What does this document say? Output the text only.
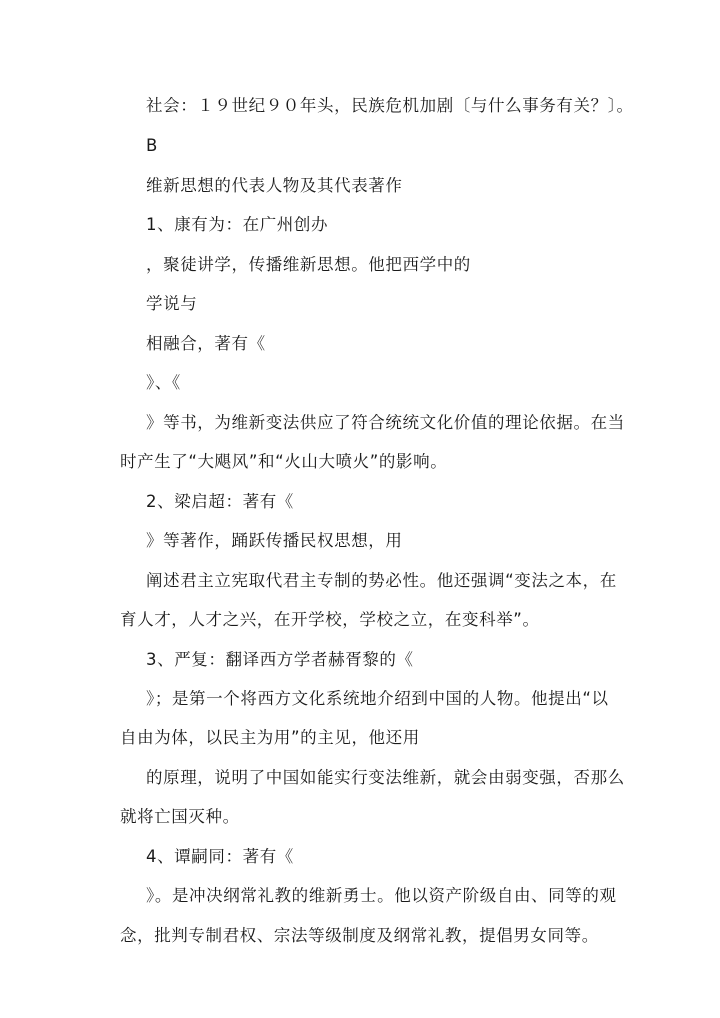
社会：１９世纪９０年头，民族危机加剧〔与什么事务有关？〕。
B
维新思想的代表人物及其代表著作
1、康有为：在广州创办
，聚徒讲学，传播维新思想。他把西学中的
学说与
相融合，著有《
》、《
》等书，为维新变法供应了符合统统文化价值的理论依据。在当
时产生了“大飓风”和“火山大喷火”的影响。
2、梁启超：著有《
》等著作，踊跃传播民权思想，用
阐述君主立宪取代君主专制的势必性。他还强调“变法之本，在
育人才，人才之兴，在开学校，学校之立，在变科举”。
3、严复：翻译西方学者赫胥黎的《
》；是第一个将西方文化系统地介绍到中国的人物。他提出“以
自由为体，以民主为用”的主见，他还用
的原理，说明了中国如能实行变法维新，就会由弱变强，否那么
就将亡国灭种。
4、谭嗣同：著有《
》。是冲决纲常礼教的维新勇士。他以资产阶级自由、同等的观
念，批判专制君权、宗法等级制度及纲常礼教，提倡男女同等。
